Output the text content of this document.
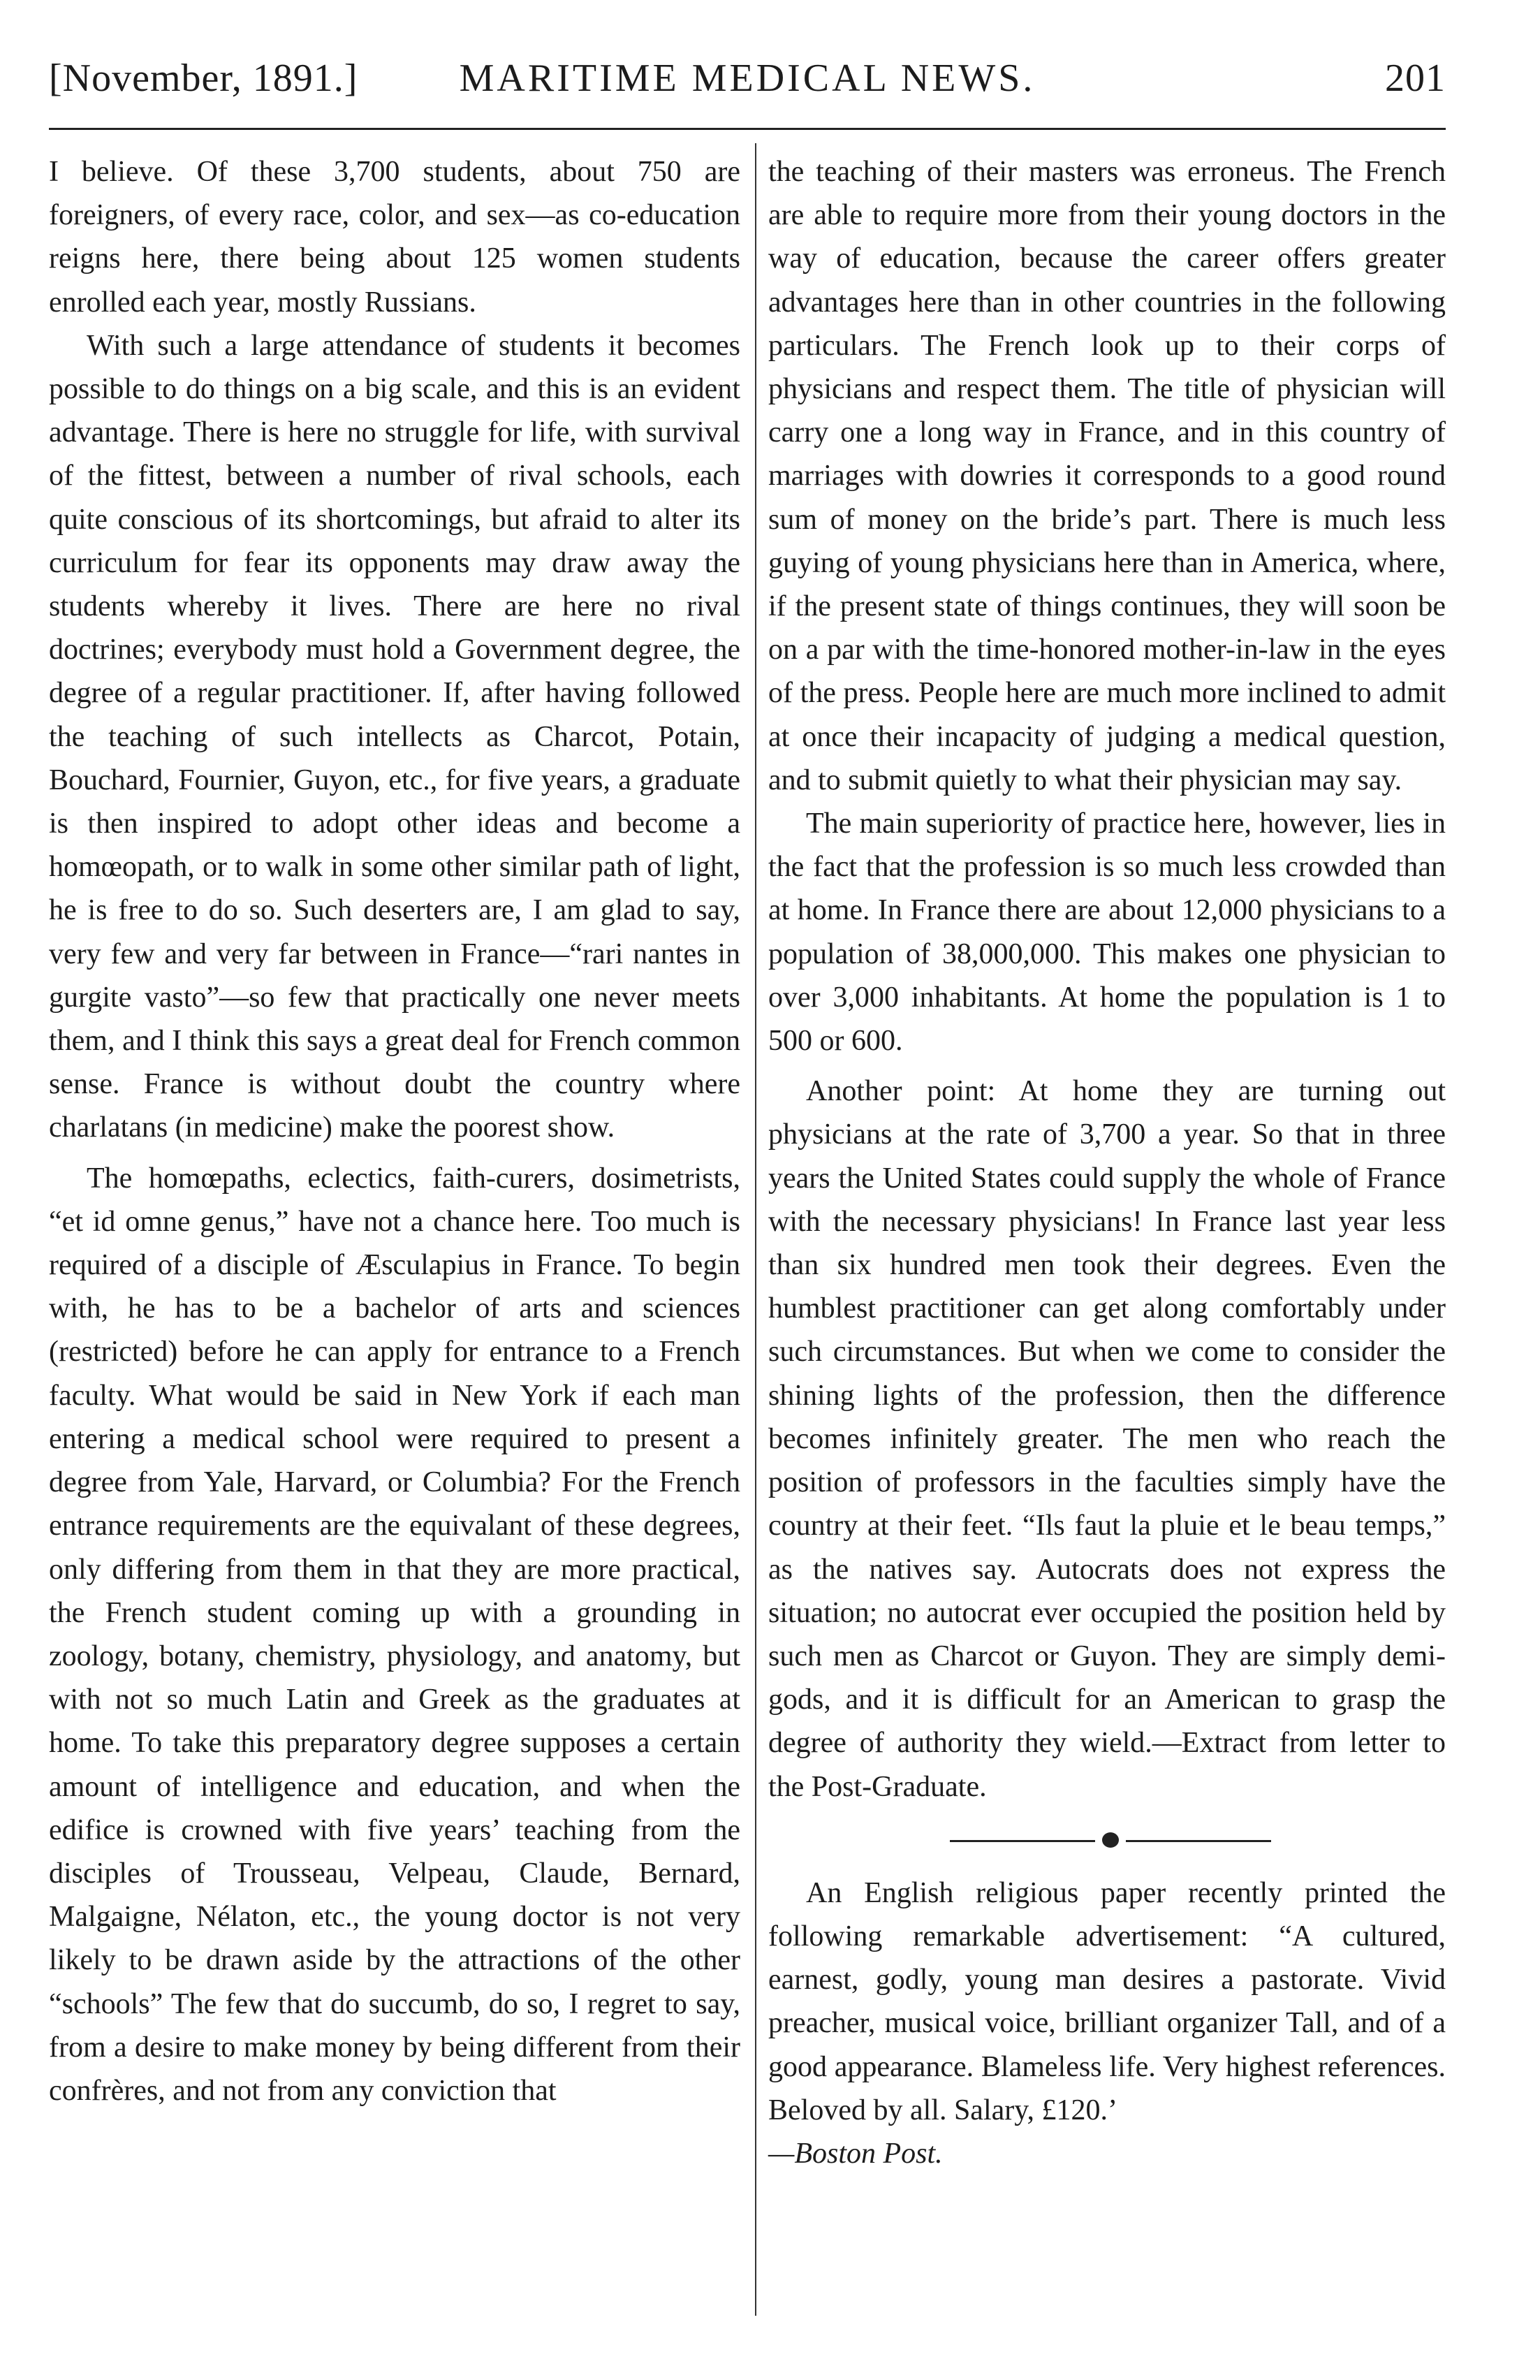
[November, 1891.]	MARITIME MEDICAL NEWS.	201

I believe. Of these 3,700 students, about 750 are foreigners, of every race, color, and sex—as co-education reigns here, there being about 125 women students enrolled each year, mostly Russians.

With such a large attendance of students it becomes possible to do things on a big scale, and this is an evident advantage. There is here no struggle for life, with survival of the fittest, between a number of rival schools, each quite conscious of its shortcomings, but afraid to alter its curriculum for fear its opponents may draw away the students whereby it lives. There are here no rival doctrines; everybody must hold a Government degree, the degree of a regular practitioner. If, after having followed the teaching of such intellects as Charcot, Potain, Bouchard, Fournier, Guyon, etc., for five years, a graduate is then inspired to adopt other ideas and become a homœopath, or to walk in some other similar path of light, he is free to do so. Such deserters are, I am glad to say, very few and very far between in France—“rari nantes in gurgite vasto”—so few that practically one never meets them, and I think this says a great deal for French common sense. France is without doubt the country where charlatans (in medicine) make the poorest show.

The homœpaths, eclectics, faith-curers, dosimetrists, “et id omne genus,” have not a chance here. Too much is required of a disciple of Æsculapius in France. To begin with, he has to be a bachelor of arts and sciences (restricted) before he can apply for entrance to a French faculty. What would be said in New York if each man entering a medical school were required to present a degree from Yale, Harvard, or Columbia? For the French entrance requirements are the equivalant of these degrees, only differing from them in that they are more practical, the French student coming up with a grounding in zoology, botany, chemistry, physiology, and anatomy, but with not so much Latin and Greek as the graduates at home. To take this preparatory degree supposes a certain amount of intelligence and education, and when the edifice is crowned with five years’ teaching from the disciples of Trousseau, Velpeau, Claude, Bernard, Malgaigne, Nélaton, etc., the young doctor is not very likely to be drawn aside by the attractions of the other “schools” The few that do succumb, do so, I regret to say, from a desire to make money by being different from their confrères, and not from any conviction that

the teaching of their masters was erroneus. The French are able to require more from their young doctors in the way of education, because the career offers greater advantages here than in other countries in the following particulars. The French look up to their corps of physicians and respect them. The title of physician will carry one a long way in France, and in this country of marriages with dowries it corresponds to a good round sum of money on the bride’s part. There is much less guying of young physicians here than in America, where, if the present state of things continues, they will soon be on a par with the time-honored mother-in-law in the eyes of the press. People here are much more inclined to admit at once their incapacity of judging a medical question, and to submit quietly to what their physician may say.

The main superiority of practice here, however, lies in the fact that the profession is so much less crowded than at home. In France there are about 12,000 physicians to a population of 38,000,000. This makes one physician to over 3,000 inhabitants. At home the population is 1 to 500 or 600.

Another point: At home they are turning out physicians at the rate of 3,700 a year. So that in three years the United States could supply the whole of France with the necessary physicians! In France last year less than six hundred men took their degrees. Even the humblest practitioner can get along comfortably under such circumstances. But when we come to consider the shining lights of the profession, then the difference becomes infinitely greater. The men who reach the position of professors in the faculties simply have the country at their feet. “Ils faut la pluie et le beau temps,” as the natives say. Autocrats does not express the situation; no autocrat ever occupied the position held by such men as Charcot or Guyon. They are simply demi-gods, and it is difficult for an American to grasp the degree of authority they wield.—Extract from letter to the Post-Graduate.

An English religious paper recently printed the following remarkable advertisement: “A cultured, earnest, godly, young man desires a pastorate. Vivid preacher, musical voice, brilliant organizer Tall, and of a good appearance. Blameless life. Very highest references. Beloved by all. Salary, £120.’

—Boston Post.
